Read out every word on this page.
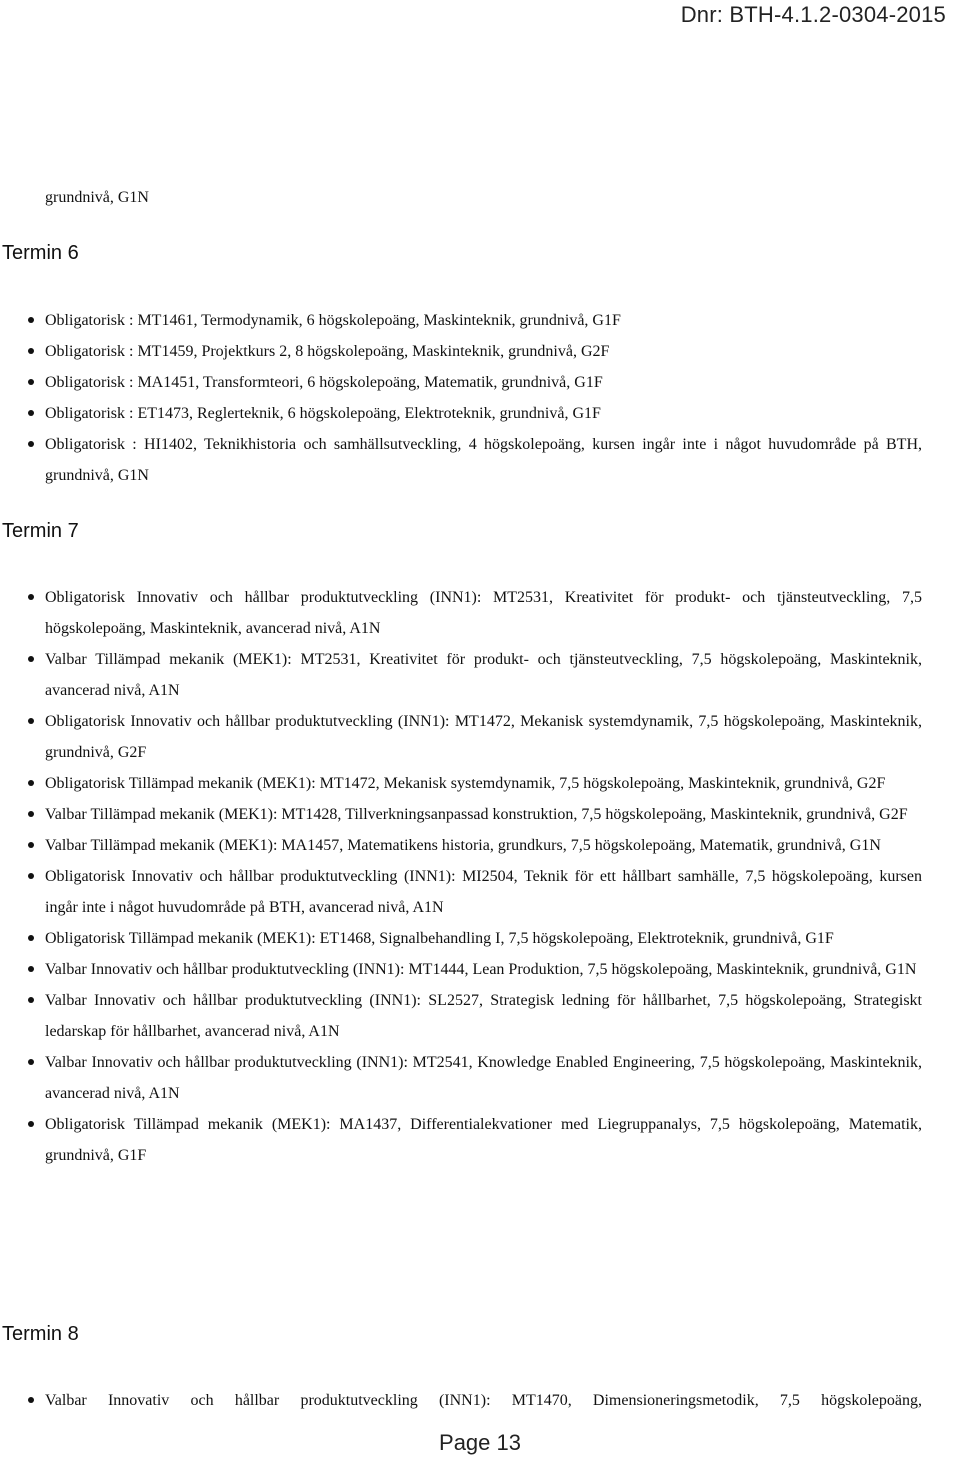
Dnr: BTH-4.1.2-0304-2015
grundnivå, G1N
Termin 6
Obligatorisk : MT1461, Termodynamik, 6 högskolepoäng, Maskinteknik, grundnivå, G1F
Obligatorisk : MT1459, Projektkurs 2, 8 högskolepoäng, Maskinteknik, grundnivå, G2F
Obligatorisk : MA1451, Transformteori, 6 högskolepoäng, Matematik, grundnivå, G1F
Obligatorisk : ET1473, Reglerteknik, 6 högskolepoäng, Elektroteknik, grundnivå, G1F
Obligatorisk : HI1402, Teknikhistoria och samhällsutveckling, 4 högskolepoäng, kursen ingår inte i något huvudområde på BTH, grundnivå, G1N
Termin 7
Obligatorisk Innovativ och hållbar produktutveckling (INN1): MT2531, Kreativitet för produkt- och tjänsteutveckling, 7,5 högskolepoäng, Maskinteknik, avancerad nivå, A1N
Valbar Tillämpad mekanik (MEK1): MT2531, Kreativitet för produkt- och tjänsteutveckling, 7,5 högskolepoäng, Maskinteknik, avancerad nivå, A1N
Obligatorisk Innovativ och hållbar produktutveckling (INN1): MT1472, Mekanisk systemdynamik, 7,5 högskolepoäng, Maskinteknik, grundnivå, G2F
Obligatorisk Tillämpad mekanik (MEK1): MT1472, Mekanisk systemdynamik, 7,5 högskolepoäng, Maskinteknik, grundnivå, G2F
Valbar Tillämpad mekanik (MEK1): MT1428, Tillverkningsanpassad konstruktion, 7,5 högskolepoäng, Maskinteknik, grundnivå, G2F
Valbar Tillämpad mekanik (MEK1): MA1457, Matematikens historia, grundkurs, 7,5 högskolepoäng, Matematik, grundnivå, G1N
Obligatorisk Innovativ och hållbar produktutveckling (INN1): MI2504, Teknik för ett hållbart samhälle, 7,5 högskolepoäng, kursen ingår inte i något huvudområde på BTH, avancerad nivå, A1N
Obligatorisk Tillämpad mekanik (MEK1): ET1468, Signalbehandling I, 7,5 högskolepoäng, Elektroteknik, grundnivå, G1F
Valbar Innovativ och hållbar produktutveckling (INN1): MT1444, Lean Produktion, 7,5 högskolepoäng, Maskinteknik, grundnivå, G1N
Valbar Innovativ och hållbar produktutveckling (INN1): SL2527, Strategisk ledning för hållbarhet, 7,5 högskolepoäng, Strategiskt ledarskap för hållbarhet, avancerad nivå, A1N
Valbar Innovativ och hållbar produktutveckling (INN1): MT2541, Knowledge Enabled Engineering, 7,5 högskolepoäng, Maskinteknik, avancerad nivå, A1N
Obligatorisk Tillämpad mekanik (MEK1): MA1437, Differentialekvationer med Liegruppanalys, 7,5 högskolepoäng, Matematik, grundnivå, G1F
Termin 8
Valbar Innovativ och hållbar produktutveckling (INN1): MT1470, Dimensioneringsmetodik, 7,5 högskolepoäng,
Page 13
